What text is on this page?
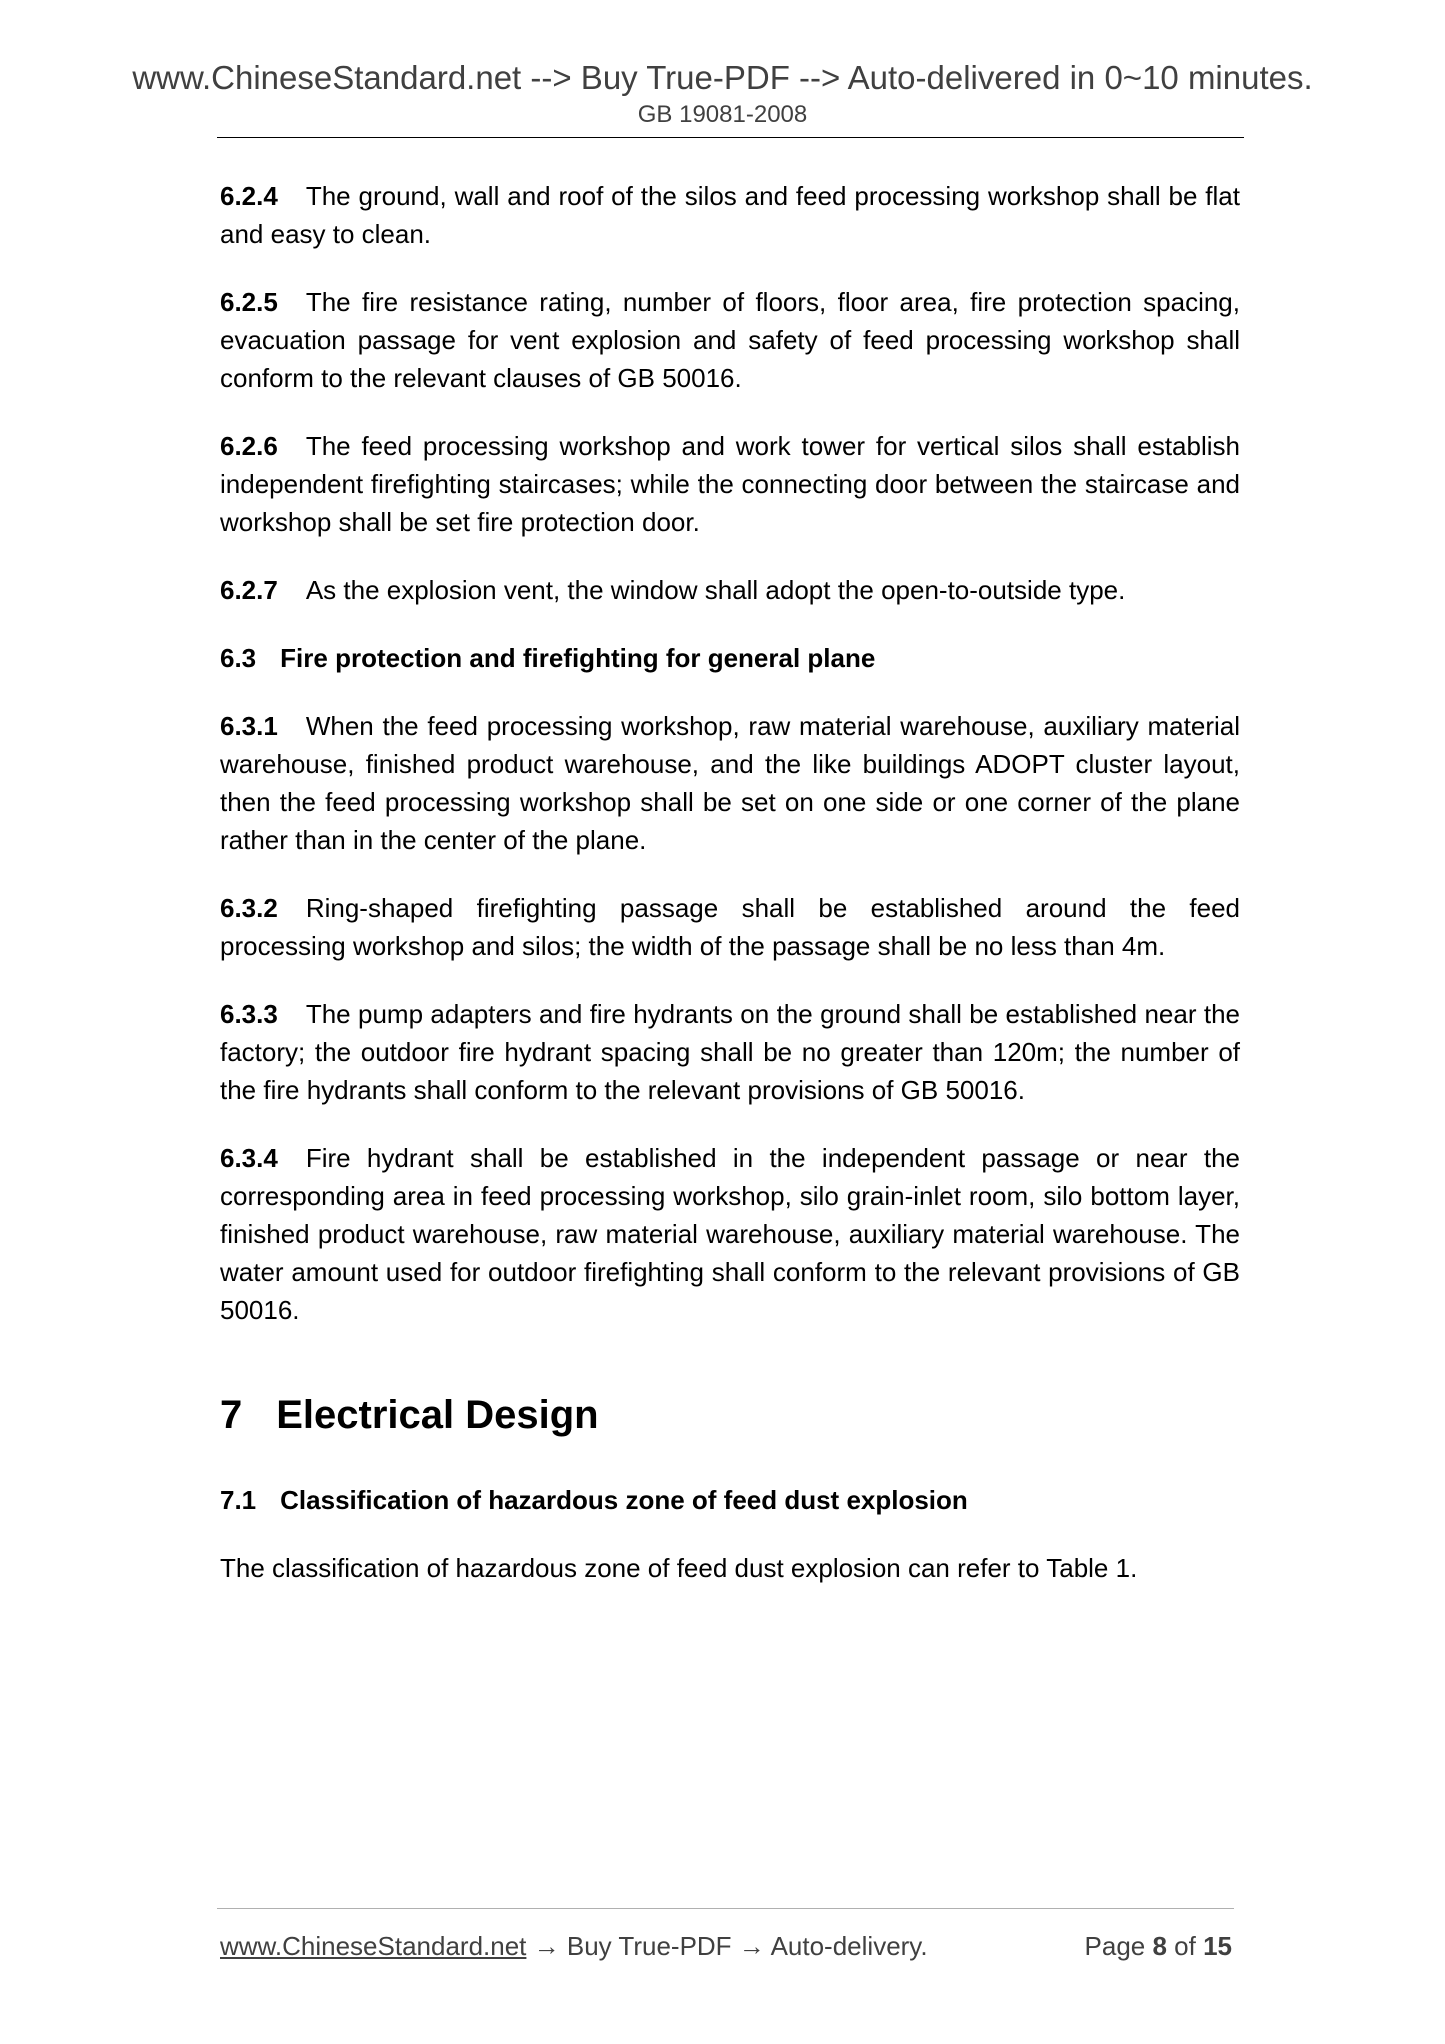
www.ChineseStandard.net --> Buy True-PDF --> Auto-delivered in 0~10 minutes.
GB 19081-2008

6.2.4 The ground, wall and roof of the silos and feed processing workshop shall be flat and easy to clean.

6.2.5 The fire resistance rating, number of floors, floor area, fire protection spacing, evacuation passage for vent explosion and safety of feed processing workshop shall conform to the relevant clauses of GB 50016.

6.2.6 The feed processing workshop and work tower for vertical silos shall establish independent firefighting staircases; while the connecting door between the staircase and workshop shall be set fire protection door.

6.2.7 As the explosion vent, the window shall adopt the open-to-outside type.

6.3 Fire protection and firefighting for general plane

6.3.1 When the feed processing workshop, raw material warehouse, auxiliary material warehouse, finished product warehouse, and the like buildings ADOPT cluster layout, then the feed processing workshop shall be set on one side or one corner of the plane rather than in the center of the plane.

6.3.2 Ring-shaped firefighting passage shall be established around the feed processing workshop and silos; the width of the passage shall be no less than 4m.

6.3.3 The pump adapters and fire hydrants on the ground shall be established near the factory; the outdoor fire hydrant spacing shall be no greater than 120m; the number of the fire hydrants shall conform to the relevant provisions of GB 50016.

6.3.4 Fire hydrant shall be established in the independent passage or near the corresponding area in feed processing workshop, silo grain-inlet room, silo bottom layer, finished product warehouse, raw material warehouse, auxiliary material warehouse. The water amount used for outdoor firefighting shall conform to the relevant provisions of GB 50016.

7 Electrical Design

7.1 Classification of hazardous zone of feed dust explosion

The classification of hazardous zone of feed dust explosion can refer to Table 1.

www.ChineseStandard.net → Buy True-PDF → Auto-delivery.	Page 8 of 15
